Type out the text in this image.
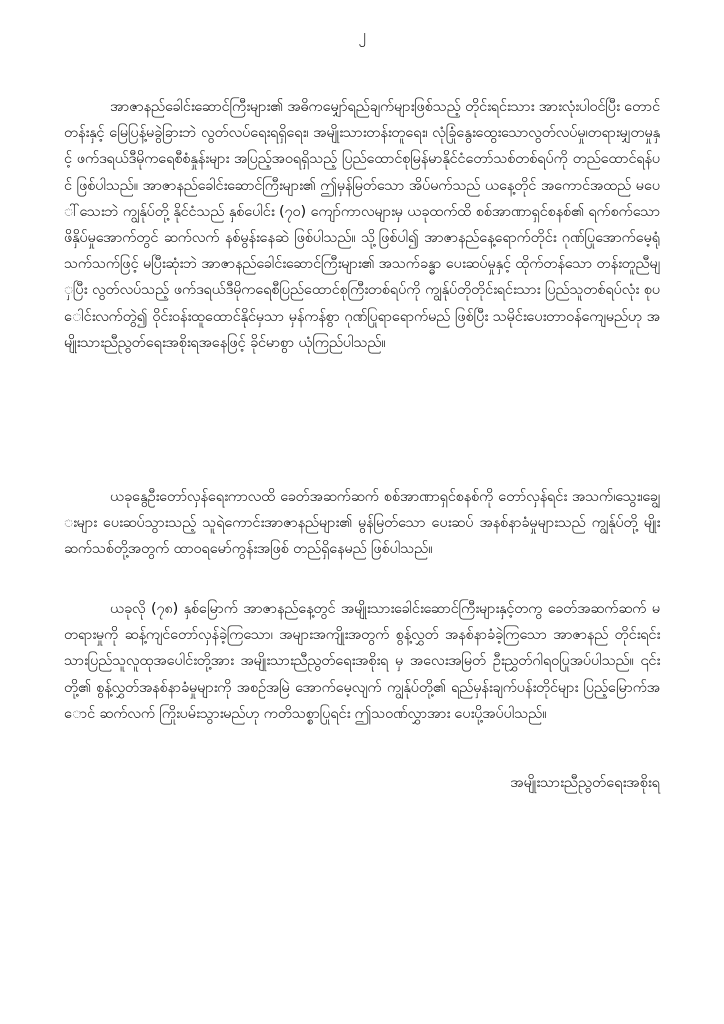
၂

အာဇာနည်ခေါင်းဆောင်ကြီးများ၏ အဓိကမျှော်ရည်ချက်များဖြစ်သည့် တိုင်းရင်းသား အားလုံးပါဝင်ပြီး တောင်တန်းနှင့် မြေပြန့်မခွဲခြားဘဲ လွတ်လပ်ရေးရရှိရေး၊ အမျိုးသားတန်းတူရေး၊ လုံခြုံနွေးထွေးသောလွတ်လပ်မှု၊တရားမျှတမှုနှင့် ဖက်ဒရယ်ဒီမိုကရေစီစံနှုန်းများ အပြည့်အဝရရှိသည့် ပြည်ထောင်စုမြန်မာနိုင်ငံတော်သစ်တစ်ရပ်ကို တည်ထောင်ရန်ပင် ဖြစ်ပါသည်။ အာဇာနည်ခေါင်းဆောင်ကြီးများ၏ ဤမှန်မြတ်သော အိပ်မက်သည် ယနေ့တိုင် အကောင်အထည် မပေါ်သေးဘဲ ကျွန်ုပ်တို့ နိုင်ငံသည် နှစ်ပေါင်း (၇၀) ကျော်ကာလများမှ ယခုထက်ထိ စစ်အာဏာရှင်စနစ်၏ ရက်စက်သော ဖိနှိပ်မှုအောက်တွင် ဆက်လက် နစ်မွန်းနေဆဲ ဖြစ်ပါသည်။ သို့ဖြစ်ပါ၍ အာဇာနည်နေ့ရောက်တိုင်း ဂုဏ်ပြုအောက်မေ့ရုံသက်သက်ဖြင့် မပြီးဆုံးဘဲ အာဇာနည်ခေါင်းဆောင်ကြီးများ၏ အသက်ခန္ဓာ ပေးဆပ်မှုနှင့် ထိုက်တန်သော တန်းတူညီမျှပြီး လွတ်လပ်သည့် ဖက်ဒရယ်ဒီမိုကရေစီပြည်ထောင်စုကြီးတစ်ရပ်ကို ကျွန်ုပ်တိုတိုင်းရင်းသား ပြည်သူတစ်ရပ်လုံး စုပေါင်းလက်တွဲ၍ ဝိုင်းဝန်းထူထောင်နိုင်မှသာ မှန်ကန်စွာ ဂုဏ်ပြုရာရောက်မည် ဖြစ်ပြီး သမိုင်းပေးတာဝန်ကျေမည်ဟု အမျိုးသားညီညွတ်ရေးအစိုးရအနေဖြင့် ခိုင်မာစွာ ယုံကြည်ပါသည်။

ယခုနွေဦးတော်လှန်ရေးကာလထိ ခေတ်အဆက်ဆက် စစ်အာဏာရှင်စနစ်ကို တော်လှန်ရင်း အသက်၊သွေး၊ချွေးများ ပေးဆပ်သွားသည့် သူရဲကောင်းအာဇာနည်များ၏ မွန်မြတ်သော ပေးဆပ် အနစ်နာခံမှုများသည် ကျွန်ုပ်တို့ မျိုးဆက်သစ်တို့အတွက် ထာဝရမော်ကွန်းအဖြစ် တည်ရှိနေမည် ဖြစ်ပါသည်။

ယခုလို (၇၈) နှစ်မြောက် အာဇာနည်နေ့တွင် အမျိုးသားခေါင်းဆောင်ကြီးများနှင့်တကွ ခေတ်အဆက်ဆက် မတရားမှုကို ဆန့်ကျင်တော်လှန်ခဲ့ကြသော၊ အများအကျိုးအတွက် စွန့်လွှတ် အနစ်နာခံခဲ့ကြသော အာဇာနည် တိုင်းရင်းသားပြည်သူလူထုအပေါင်းတို့အား အမျိုးသားညီညွတ်ရေးအစိုးရ မှ အလေးအမြတ် ဦးညွှတ်ဂါရဝပြုအပ်ပါသည်။ ၎င်းတို့၏ စွန့်လွှတ်အနစ်နာခံမှုများကို အစဉ်အမြဲ အောက်မေ့လျက် ကျွန်ုပ်တို့၏ ရည်မှန်းချက်ပန်းတိုင်များ ပြည့်မြောက်အောင် ဆက်လက် ကြိုးပမ်းသွားမည်ဟု ကတိသစ္စာပြုရင်း ဤသဝဏ်လွှာအား ပေးပို့အပ်ပါသည်။

အမျိုးသားညီညွတ်ရေးအစိုးရ
